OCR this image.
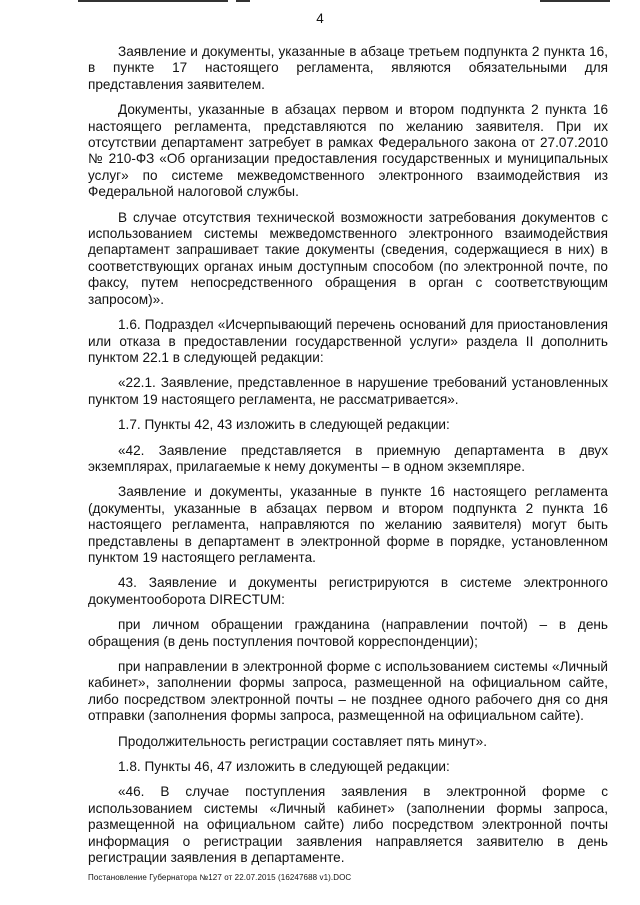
4

Заявление и документы, указанные в абзаце третьем подпункта 2 пункта 16, в пункте 17 настоящего регламента, являются обязательными для представления заявителем.

Документы, указанные в абзацах первом и втором подпункта 2 пункта 16 настоящего регламента, представляются по желанию заявителя. При их отсутствии департамент затребует в рамках Федерального закона от 27.07.2010 № 210-ФЗ «Об организации предоставления государственных и муниципальных услуг» по системе межведомственного электронного взаимодействия из Федеральной налоговой службы.

В случае отсутствия технической возможности затребования документов с использованием системы межведомственного электронного взаимодействия департамент запрашивает такие документы (сведения, содержащиеся в них) в соответствующих органах иным доступным способом (по электронной почте, по факсу, путем непосредственного обращения в орган с соответствующим запросом)».

1.6. Подраздел «Исчерпывающий перечень оснований для приостановления или отказа в предоставлении государственной услуги» раздела II дополнить пунктом 22.1 в следующей редакции:

«22.1. Заявление, представленное в нарушение требований установленных пунктом 19 настоящего регламента, не рассматривается».

1.7. Пункты 42, 43 изложить в следующей редакции:

«42. Заявление представляется в приемную департамента в двух экземплярах, прилагаемые к нему документы – в одном экземпляре.

Заявление и документы, указанные в пункте 16 настоящего регламента (документы, указанные в абзацах первом и втором подпункта 2 пункта 16 настоящего регламента, направляются по желанию заявителя) могут быть представлены в департамент в электронной форме в порядке, установленном пунктом 19 настоящего регламента.

43. Заявление и документы регистрируются в системе электронного документооборота DIRECTUM:

при личном обращении гражданина (направлении почтой) – в день обращения (в день поступления почтовой корреспонденции);

при направлении в электронной форме с использованием системы «Личный кабинет», заполнении формы запроса, размещенной на официальном сайте, либо посредством электронной почты – не позднее одного рабочего дня со дня отправки (заполнения формы запроса, размещенной на официальном сайте).

Продолжительность регистрации составляет пять минут».

1.8. Пункты 46, 47 изложить в следующей редакции:

«46. В случае поступления заявления в электронной форме с использованием системы «Личный кабинет» (заполнении формы запроса, размещенной на официальном сайте) либо посредством электронной почты информация о регистрации заявления направляется заявителю в день регистрации заявления в департаменте.

Постановление Губернатора №127 от 22.07.2015 (16247688 v1).DOC
